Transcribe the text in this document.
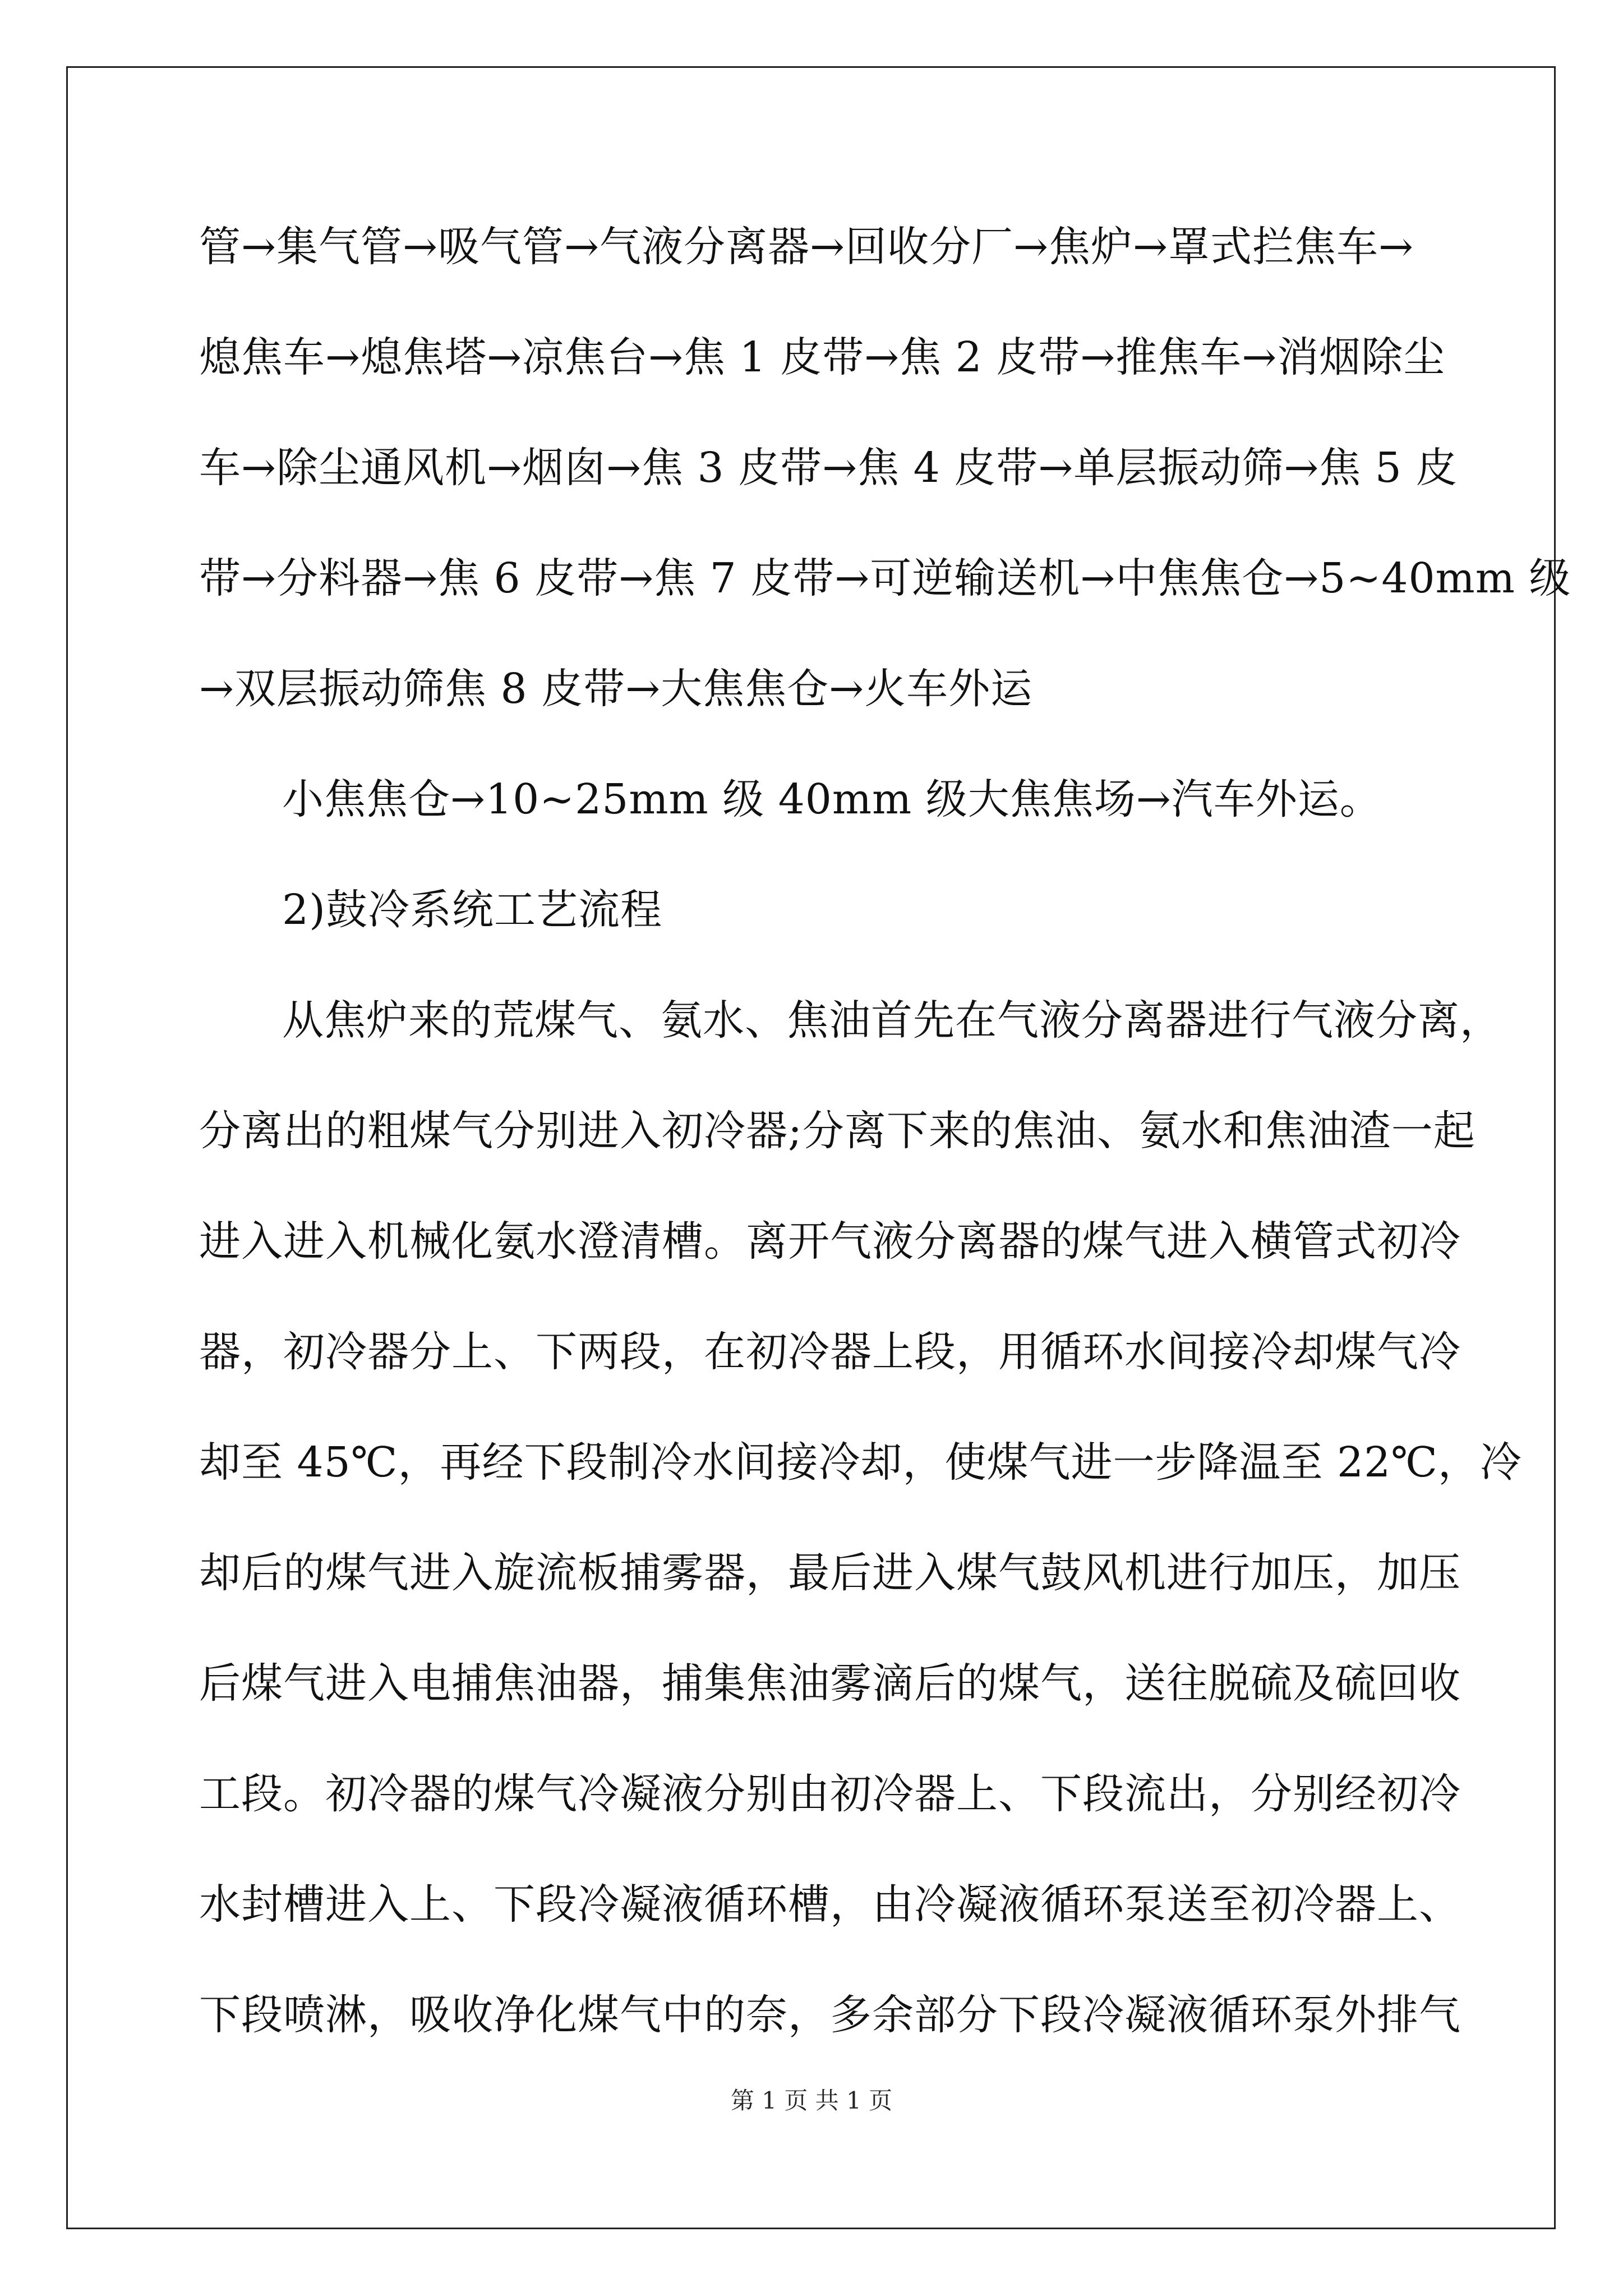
管→集气管→吸气管→气液分离器→回收分厂→焦炉→罩式拦焦车→
熄焦车→熄焦塔→凉焦台→焦 1 皮带→焦 2 皮带→推焦车→消烟除尘
车→除尘通风机→烟囱→焦 3 皮带→焦 4 皮带→单层振动筛→焦 5 皮
带→分料器→焦 6 皮带→焦 7 皮带→可逆输送机→中焦焦仓→5~40mm 级
→双层振动筛焦 8 皮带→大焦焦仓→火车外运
小焦焦仓→10~25mm 级 40mm 级大焦焦场→汽车外运。
2)鼓冷系统工艺流程
从焦炉来的荒煤气、氨水、焦油首先在气液分离器进行气液分离，
分离出的粗煤气分别进入初冷器;分离下来的焦油、氨水和焦油渣一起
进入进入机械化氨水澄清槽。离开气液分离器的煤气进入横管式初冷
器，初冷器分上、下两段，在初冷器上段，用循环水间接冷却煤气冷
却至 45℃，再经下段制冷水间接冷却，使煤气进一步降温至 22℃，冷
却后的煤气进入旋流板捕雾器，最后进入煤气鼓风机进行加压，加压
后煤气进入电捕焦油器，捕集焦油雾滴后的煤气，送往脱硫及硫回收
工段。初冷器的煤气冷凝液分别由初冷器上、下段流出，分别经初冷
水封槽进入上、下段冷凝液循环槽，由冷凝液循环泵送至初冷器上、
下段喷淋，吸收净化煤气中的奈，多余部分下段冷凝液循环泵外排气
第 1 页 共 1 页
